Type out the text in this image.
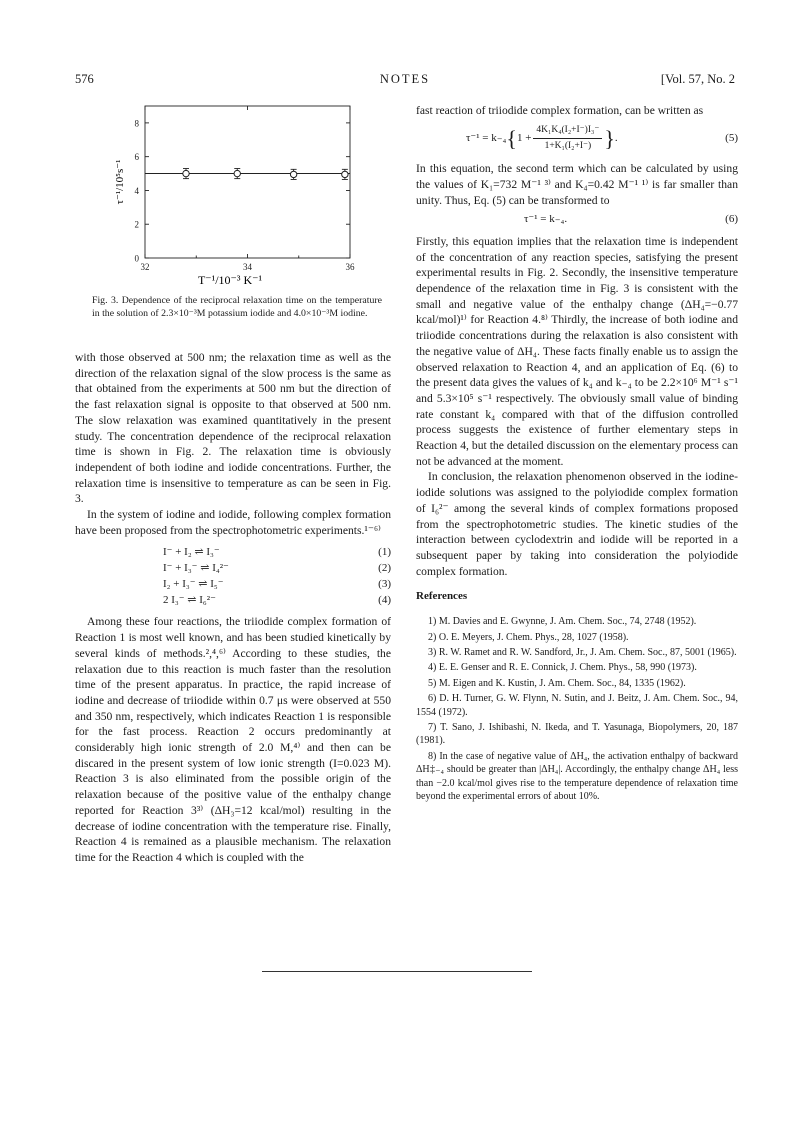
576	NOTES	[Vol. 57, No. 2
0
2
4
6
8
32	34	36
τ⁻¹/10⁵s⁻¹
T⁻¹/10⁻³ K⁻¹
Fig. 3. Dependence of the reciprocal relaxation time on the temperature in the solution of 2.3×10⁻³M potassium iodide and 4.0×10⁻³M iodine.

with those observed at 500 nm; the relaxation time as well as the direction of the relaxation signal of the slow process is the same as that obtained from the experiments at 500 nm but the direction of the fast relaxation signal is opposite to that observed at 500 nm. The slow relaxation was examined quantitatively in the present study. The concentration dependence of the reciprocal relaxation time is shown in Fig. 2. The relaxation time is obviously independent of both iodine and iodide concentrations. Further, the relaxation time is insensitive to temperature as can be seen in Fig. 3.

In the system of iodine and iodide, following complex formation have been proposed from the spectrophotometric experiments.¹⁻⁶⁾

I⁻ + I₂ ⇌ I₃⁻	(1)
I⁻ + I₃⁻ ⇌ I₄²⁻	(2)
I₂ + I₃⁻ ⇌ I₅⁻	(3)
2 I₃⁻ ⇌ I₆²⁻	(4)

Among these four reactions, the triiodide complex formation of Reaction 1 is most well known, and has been studied kinetically by several kinds of methods.²,⁴,⁶⁾ According to these studies, the relaxation due to this reaction is much faster than the resolution time of the present apparatus. In practice, the rapid increase of iodine and decrease of triiodide within 0.7 μs were observed at 550 and 350 nm, respectively, which indicates Reaction 1 is responsible for the fast process. Reaction 2 occurs predominantly at considerably high ionic strength of 2.0 M,⁴⁾ and then can be discared in the present system of low ionic strength (I=0.023 M). Reaction 3 is also eliminated from the possible origin of the relaxation because of the positive value of the enthalpy change reported for Reaction 3³⁾ (ΔH₃=12 kcal/mol) resulting in the decrease of iodine concentration with the temperature rise. Finally, Reaction 4 is remained as a plausible mechanism. The relaxation time for the Reaction 4 which is coupled with the

fast reaction of triiodide complex formation, can be written as

τ⁻¹ = k₋₄ { $1 + \frac{\text{4K₁K₄(I₂+I⁻)I₃⁻}}{\text{1+K₁(I₂+I⁻)}}$ } .	(5)

In this equation, the second term which can be calculated by using the values of K₁=732 M⁻¹ ³⁾ and K₄=0.42 M⁻¹ ¹⁾ is far smaller than unity. Thus, Eq. (5) can be transformed to

τ⁻¹ = k₋₄.	(6)

Firstly, this equation implies that the relaxation time is independent of the concentration of any reaction species, satisfying the present experimental results in Fig. 2. Secondly, the insensitive temperature dependence of the relaxation time in Fig. 3 is consistent with the small and negative value of the enthalpy change (ΔH₄=−0.77 kcal/mol)¹⁾ for Reaction 4.⁸⁾ Thirdly, the increase of both iodine and triiodide concentrations during the relaxation is also consistent with the negative value of ΔH₄. These facts finally enable us to assign the observed relaxation to Reaction 4, and an application of Eq. (6) to the present data gives the values of k₄ and k₋₄ to be 2.2×10⁶ M⁻¹ s⁻¹ and 5.3×10⁵ s⁻¹ respectively. The obviously small value of binding rate constant k₄ compared with that of the diffusion controlled process suggests the existence of further elementary steps in Reaction 4, but the detailed discussion on the elementary process can not be advanced at the moment.

In conclusion, the relaxation phenomenon observed in the iodine-iodide solutions was assigned to the polyiodide complex formation of I₆²⁻ among the several kinds of complex formations proposed from the spectrophotometric studies. The kinetic studies of the interaction between cyclodextrin and iodide will be reported in a subsequent paper by taking into consideration the polyiodide complex formation.

References
1) M. Davies and E. Gwynne, J. Am. Chem. Soc., 74, 2748 (1952).
2) O. E. Meyers, J. Chem. Phys., 28, 1027 (1958).
3) R. W. Ramet and R. W. Sandford, Jr., J. Am. Chem. Soc., 87, 5001 (1965).
4) E. E. Genser and R. E. Connick, J. Chem. Phys., 58, 990 (1973).
5) M. Eigen and K. Kustin, J. Am. Chem. Soc., 84, 1335 (1962).
6) D. H. Turner, G. W. Flynn, N. Sutin, and J. Beitz, J. Am. Chem. Soc., 94, 1554 (1972).
7) T. Sano, J. Ishibashi, N. Ikeda, and T. Yasunaga, Biopolymers, 20, 187 (1981).
8) In the case of negative value of ΔH₄, the activation enthalpy of backward ΔH‡₋₄ should be greater than |ΔH₄|. Accordingly, the enthalpy change ΔH₄ less than −2.0 kcal/mol gives rise to the temperature dependence of relaxation time beyond the experimental errors of about 10%.
